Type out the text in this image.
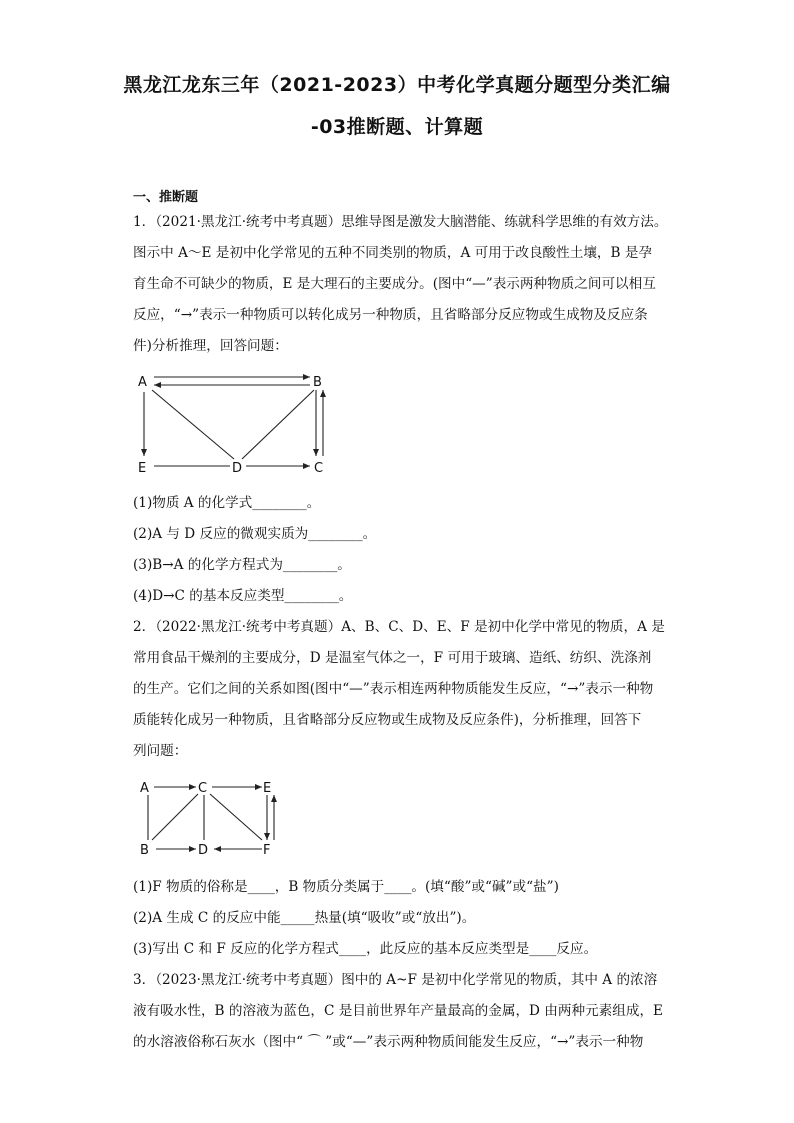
黑龙江龙东三年（2021-2023）中考化学真题分题型分类汇编
-03推断题、计算题
一、推断题
1．（2021·黑龙江·统考中考真题）思维导图是激发大脑潜能、练就科学思维的有效方法。
图示中 A～E 是初中化学常见的五种不同类别的物质，A 可用于改良酸性土壤，B 是孕
育生命不可缺少的物质，E 是大理石的主要成分。(图中“—”表示两种物质之间可以相互
反应，“→”表示一种物质可以转化成另一种物质，且省略部分反应物或生成物及反应条
件)分析推理，回答问题：
A	B
E	D	C
(1)物质 A 的化学式________。
(2)A 与 D 反应的微观实质为________。
(3)B→A 的化学方程式为________。
(4)D→C 的基本反应类型________。
2．（2022·黑龙江·统考中考真题）A、B、C、D、E、F 是初中化学中常见的物质，A 是
常用食品干燥剂的主要成分，D 是温室气体之一，F 可用于玻璃、造纸、纺织、洗涤剂
的生产。它们之间的关系如图(图中“—”表示相连两种物质能发生反应，“→”表示一种物
质能转化成另一种物质，且省略部分反应物或生成物及反应条件)，分析推理，回答下
列问题：
A	C	E
B	D	F
(1)F 物质的俗称是____，B 物质分类属于____。(填“酸”或“碱”或“盐”)
(2)A 生成 C 的反应中能_____热量(填“吸收”或“放出”)。
(3)写出 C 和 F 反应的化学方程式____，此反应的基本反应类型是____反应。
3．（2023·黑龙江·统考中考真题）图中的 A~F 是初中化学常见的物质，其中 A 的浓溶
液有吸水性，B 的溶液为蓝色，C 是目前世界年产量最高的金属，D 由两种元素组成，E
的水溶液俗称石灰水（图中“ ⌒ ”或“—”表示两种物质间能发生反应，“→”表示一种物
